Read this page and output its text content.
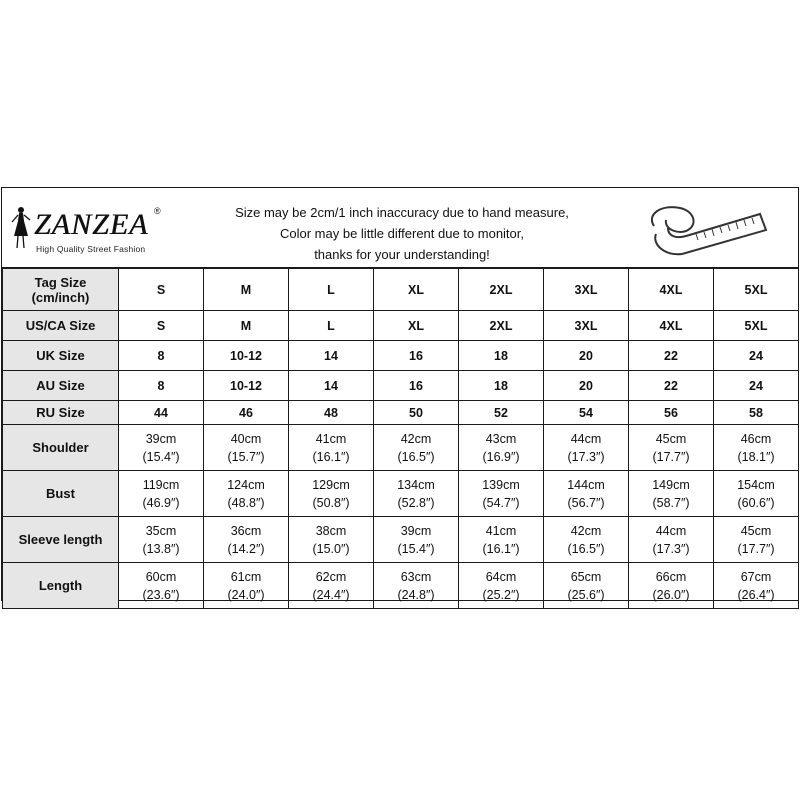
ZANZEA ®
High Quality Street Fashion
Size may be 2cm/1 inch inaccuracy due to hand measure,
Color may be little different due to monitor,
thanks for your understanding!
Tag Size
(cm/inch)	S	M	L	XL	2XL	3XL	4XL	5XL

US/CA Size	S	M	L	XL	2XL	3XL	4XL	5XL

UK Size	8	10-12	14	16	18	20	22	24

AU Size	8	10-12	14	16	18	20	22	24

RU Size	44	46	48	50	52	54	56	58

Shoulder	39cm
(15.4″)	40cm
(15.7″)	41cm
(16.1″)	42cm
(16.5″)	43cm
(16.9″)	44cm
(17.3″)	45cm
(17.7″)	46cm
(18.1″)

Bust	119cm
(46.9″)	124cm
(48.8″)	129cm
(50.8″)	134cm
(52.8″)	139cm
(54.7″)	144cm
(56.7″)	149cm
(58.7″)	154cm
(60.6″)

Sleeve length	35cm
(13.8″)	36cm
(14.2″)	38cm
(15.0″)	39cm
(15.4″)	41cm
(16.1″)	42cm
(16.5″)	44cm
(17.3″)	45cm
(17.7″)

Length	60cm
(23.6″)	61cm
(24.0″)	62cm
(24.4″)	63cm
(24.8″)	64cm
(25.2″)	65cm
(25.6″)	66cm
(26.0″)	67cm
(26.4″)
